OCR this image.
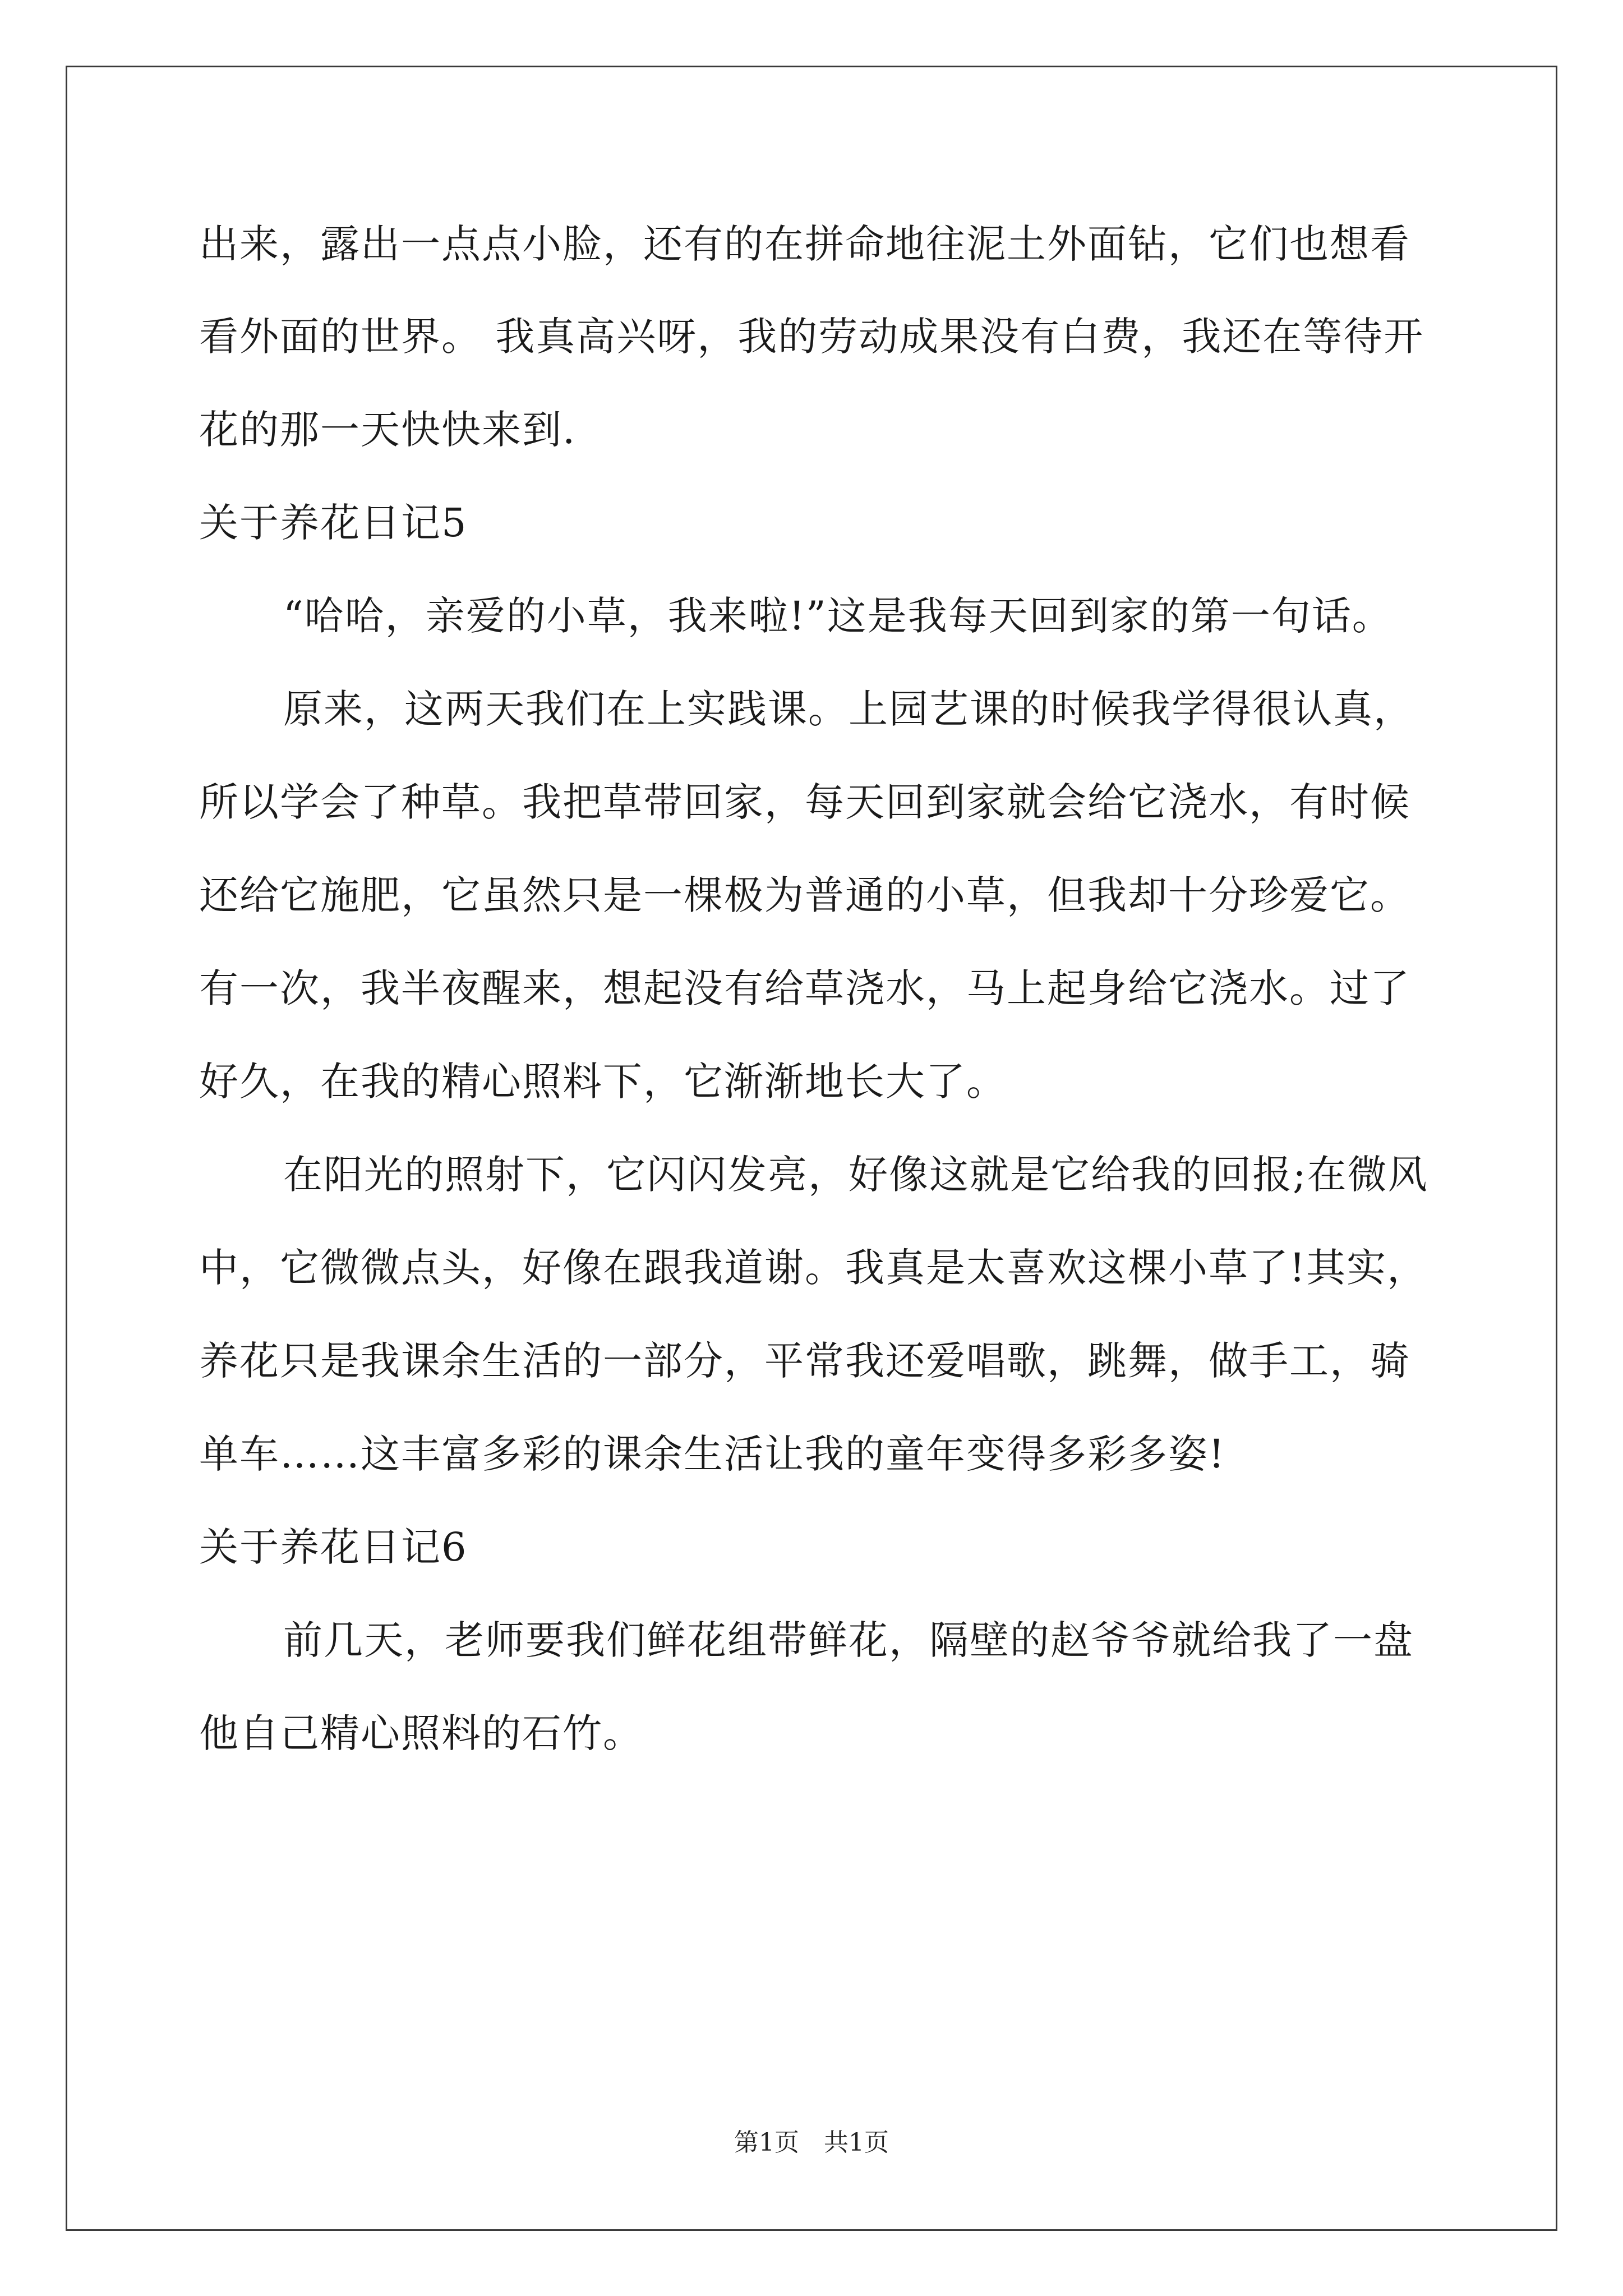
出来，露出一点点小脸，还有的在拼命地往泥土外面钻，它们也想看
看外面的世界。 我真高兴呀，我的劳动成果没有白费，我还在等待开
花的那一天快快来到.
关于养花日记5
“哈哈，亲爱的小草，我来啦!”这是我每天回到家的第一句话。
原来，这两天我们在上实践课。上园艺课的时候我学得很认真，
所以学会了种草。我把草带回家，每天回到家就会给它浇水，有时候
还给它施肥，它虽然只是一棵极为普通的小草，但我却十分珍爱它。
有一次，我半夜醒来，想起没有给草浇水，马上起身给它浇水。过了
好久，在我的精心照料下，它渐渐地长大了。
在阳光的照射下，它闪闪发亮，好像这就是它给我的回报;在微风
中，它微微点头，好像在跟我道谢。我真是太喜欢这棵小草了!其实，
养花只是我课余生活的一部分，平常我还爱唱歌，跳舞，做手工，骑
单车……这丰富多彩的课余生活让我的童年变得多彩多姿!
关于养花日记6
前几天，老师要我们鲜花组带鲜花，隔壁的赵爷爷就给我了一盘
他自己精心照料的石竹。
第1页 共1页
